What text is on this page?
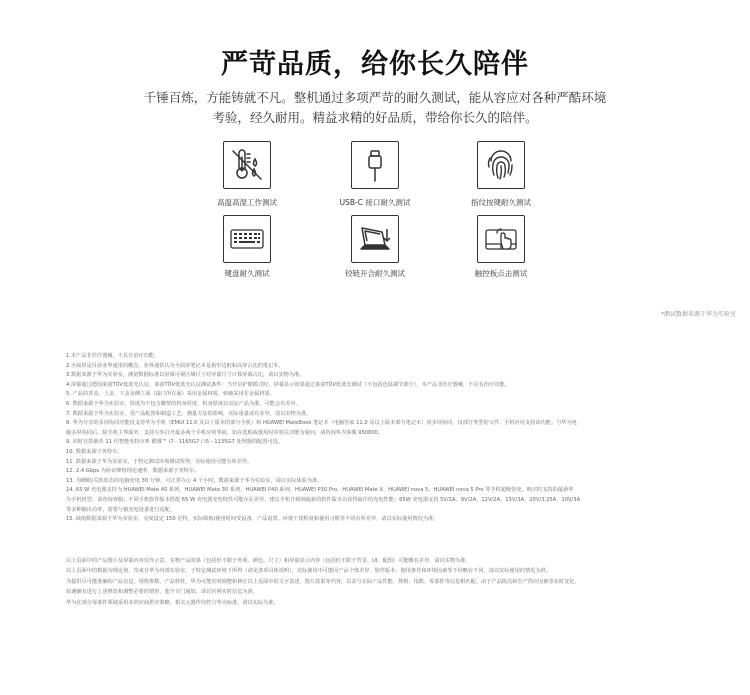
严苛品质，给你长久陪伴
千锤百炼，方能铸就不凡。整机通过多项严苛的耐久测试，能从容应对各种严酷环境
考验，经久耐用。精益求精的好品质，带给你长久的陪伴。
高温高湿工作测试	USB-C 接口耐久测试	指纹按键耐久测试
键盘耐久测试	铰链开合耐久测试	触控板点击测试
*测试数据来源于华为实验室
1.本产品非医疗器械，不具有治疗功能。
2.全面屏是目前业界通用的概念，业界通常认为全面屏笔记本是指窄边框和高屏占比的笔记本。
3.数据来源于华为实验室，测量数据标准以屏幕可视区域尺寸对屏幕尺寸计算屏幕占比，请以实物为准。
4.屏幕通过德国莱茵TÜV低蓝光认证，莱茵TÜV低蓝光认证测试条件：当开启护眼模式时，屏幕显示效果通过莱茵TÜV低蓝光测试（不包括色温调节部分），本产品非医疗器械，不具有治疗功能。
5. 产品的背盖、上盖、下盖及侧立面（接口所在面）采用金属材质，转轴采用非金属材质。
6. 数据来源于华为实验室，厚度为不包含脚垫的机身厚度，机身厚度以实际产品为准，可能会有差异。
7. 数据来源于华为实验室，受产品配置和制造工艺、测量方法的影响，实际重量或有差异，请以实物为准。
8. 华为分享的多屏协同功能仅支持华为手机（EMUI 11.0 及以上版本的部分手机）和 HUAWEI MateBook 笔记本（电脑管家 11.0 及以上版本部分笔记本）同步屏协同，仅部分类型的文件、手机应用支持该功能；与华为电
脑多屏协同后，除手机主界面外，支持另外打开最多两个手机应用界面，如在选购或使用时对相关功能有疑问，请咨询华为客服 950800。
9. 同时有搭载英 11 代智能英特尔® 酷睿™ i7－1165G7 / i5－1135G7 处理器的配置可选。
10. 数据来源于英特尔。
11. 数据来源于华为实验室，于特定测试环境测试所得，实际使用可能有所差异。
12. 2.4 Gbps 为协议峰值理论速率，数据来源于英特尔。
13. 为睡眠/关机状态的电脑充电 30 分钟，可正常办公 4 个小时，数据来源于华为实验室，请以实际体验为准。
14. 65 W 充电器支持为 HUAWEI Mate 40 系列、HUAWEI Mate 30 系列、HUAWEI P40 系列、HUAWEI P30 Pro、HUAWEI Mate X、HUAWEI nova 5、HUAWEI nova 5 Pro 等手机超级快充，购买时支持的最新华
为手机机型，请咨询客服；不同手机软件版本搭配 65 W 充电器充电特性可能存在差异，建议手机升级到最新的软件版本以获得最佳的充电性能；65W 充电器支持 5V/2A、9V/2A、12V/2A、15V/3A、20V/3.25A、10V/3A
等多种输出功率，需要与被充电设备进行适配。
15. 续航数据来源于华为实验室，亮度设定 150 尼特，实际续航/使用时间受设备、产品设置、环境干扰程度和使用习惯等不同有所差异，请以实际使用情况为准。
以上页面中的产品图片及屏幕内容仅作示意，实物产品效果（包括但不限于外观、颜色、尺寸）和屏幕显示内容（包括但不限于背景、UI、配图）可能略有差异，请以实物为准。
以上页面中的数据为理论值，均来自华为内部实验室，于特定测试环境下所得（请见各项具体说明），实际使用中可能因产品个体差异、软件版本、使用条件和环境因素等不同略有不同，请以实际使用的情况为准。
为提供尽可能准确的产品信息、规格参数、产品特性，华为可能实时调整和修正以上页面中的文字表述、图片效果等内容，以求与实际产品性能、规格、指数、零部件等信息相匹配。由于产品批次和生产供应因素等实时变化，
如遇确有进行上述修改和调整必要的情形，恕不专门通知，请以官网实时信息为准。
华为在部分零部件领域采用多供应商供应策略，相关元器件均符合华为标准，请以实际为准。
